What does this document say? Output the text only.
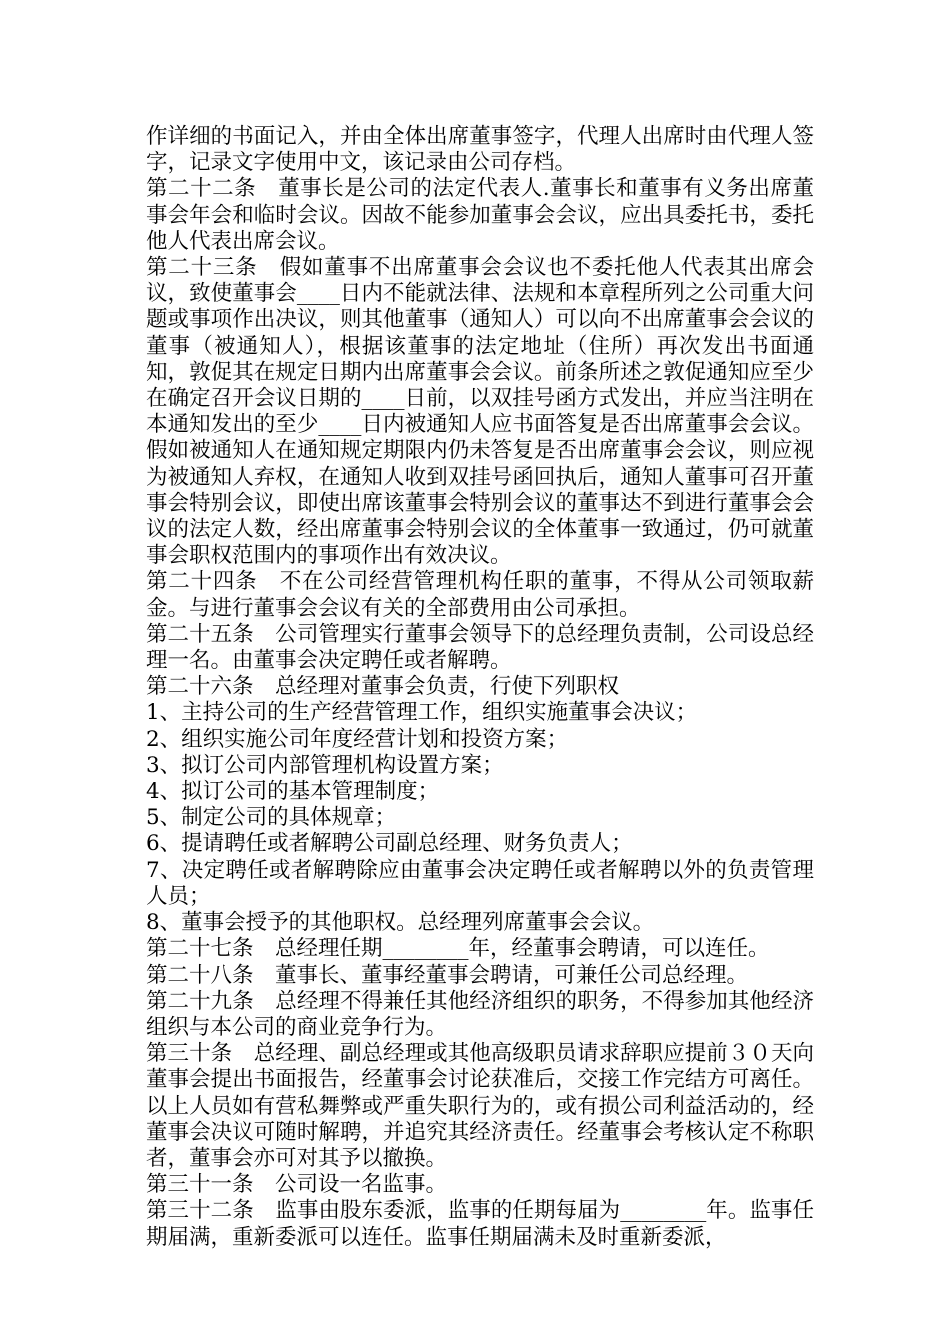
作详细的书面记入，并由全体出席董事签字，代理人出席时由代理人签字，记录文字使用中文，该记录由公司存档。

第二十二条　董事长是公司的法定代表人.董事长和董事有义务出席董事会年会和临时会议。因故不能参加董事会会议，应出具委托书，委托他人代表出席会议。

第二十三条　假如董事不出席董事会会议也不委托他人代表其出席会议，致使董事会____日内不能就法律、法规和本章程所列之公司重大问题或事项作出决议，则其他董事（通知人）可以向不出席董事会会议的董事（被通知人），根据该董事的法定地址（住所）再次发出书面通知，敦促其在规定日期内出席董事会会议。前条所述之敦促通知应至少在确定召开会议日期的____日前，以双挂号函方式发出，并应当注明在本通知发出的至少____日内被通知人应书面答复是否出席董事会会议。假如被通知人在通知规定期限内仍未答复是否出席董事会会议，则应视为被通知人弃权，在通知人收到双挂号函回执后，通知人董事可召开董事会特别会议，即使出席该董事会特别会议的董事达不到进行董事会会议的法定人数，经出席董事会特别会议的全体董事一致通过，仍可就董事会职权范围内的事项作出有效决议。

第二十四条　不在公司经营管理机构任职的董事，不得从公司领取薪金。与进行董事会会议有关的全部费用由公司承担。

第二十五条　公司管理实行董事会领导下的总经理负责制，公司设总经理一名。由董事会决定聘任或者解聘。

第二十六条　总经理对董事会负责，行使下列职权

1、主持公司的生产经营管理工作，组织实施董事会决议；

2、组织实施公司年度经营计划和投资方案；

3、拟订公司内部管理机构设置方案；

4、拟订公司的基本管理制度；

5、制定公司的具体规章；

6、提请聘任或者解聘公司副总经理、财务负责人；

7、决定聘任或者解聘除应由董事会决定聘任或者解聘以外的负责管理人员；

8、董事会授予的其他职权。总经理列席董事会会议。

第二十七条　总经理任期________年，经董事会聘请，可以连任。

第二十八条　董事长、董事经董事会聘请，可兼任公司总经理。

第二十九条　总经理不得兼任其他经济组织的职务，不得参加其他经济组织与本公司的商业竞争行为。

第三十条　总经理、副总经理或其他高级职员请求辞职应提前３０天向董事会提出书面报告，经董事会讨论获准后，交接工作完结方可离任。以上人员如有营私舞弊或严重失职行为的，或有损公司利益活动的，经董事会决议可随时解聘，并追究其经济责任。经董事会考核认定不称职者，董事会亦可对其予以撤换。

第三十一条　公司设一名监事。

第三十二条　监事由股东委派，监事的任期每届为________年。监事任期届满，重新委派可以连任。监事任期届满未及时重新委派，
